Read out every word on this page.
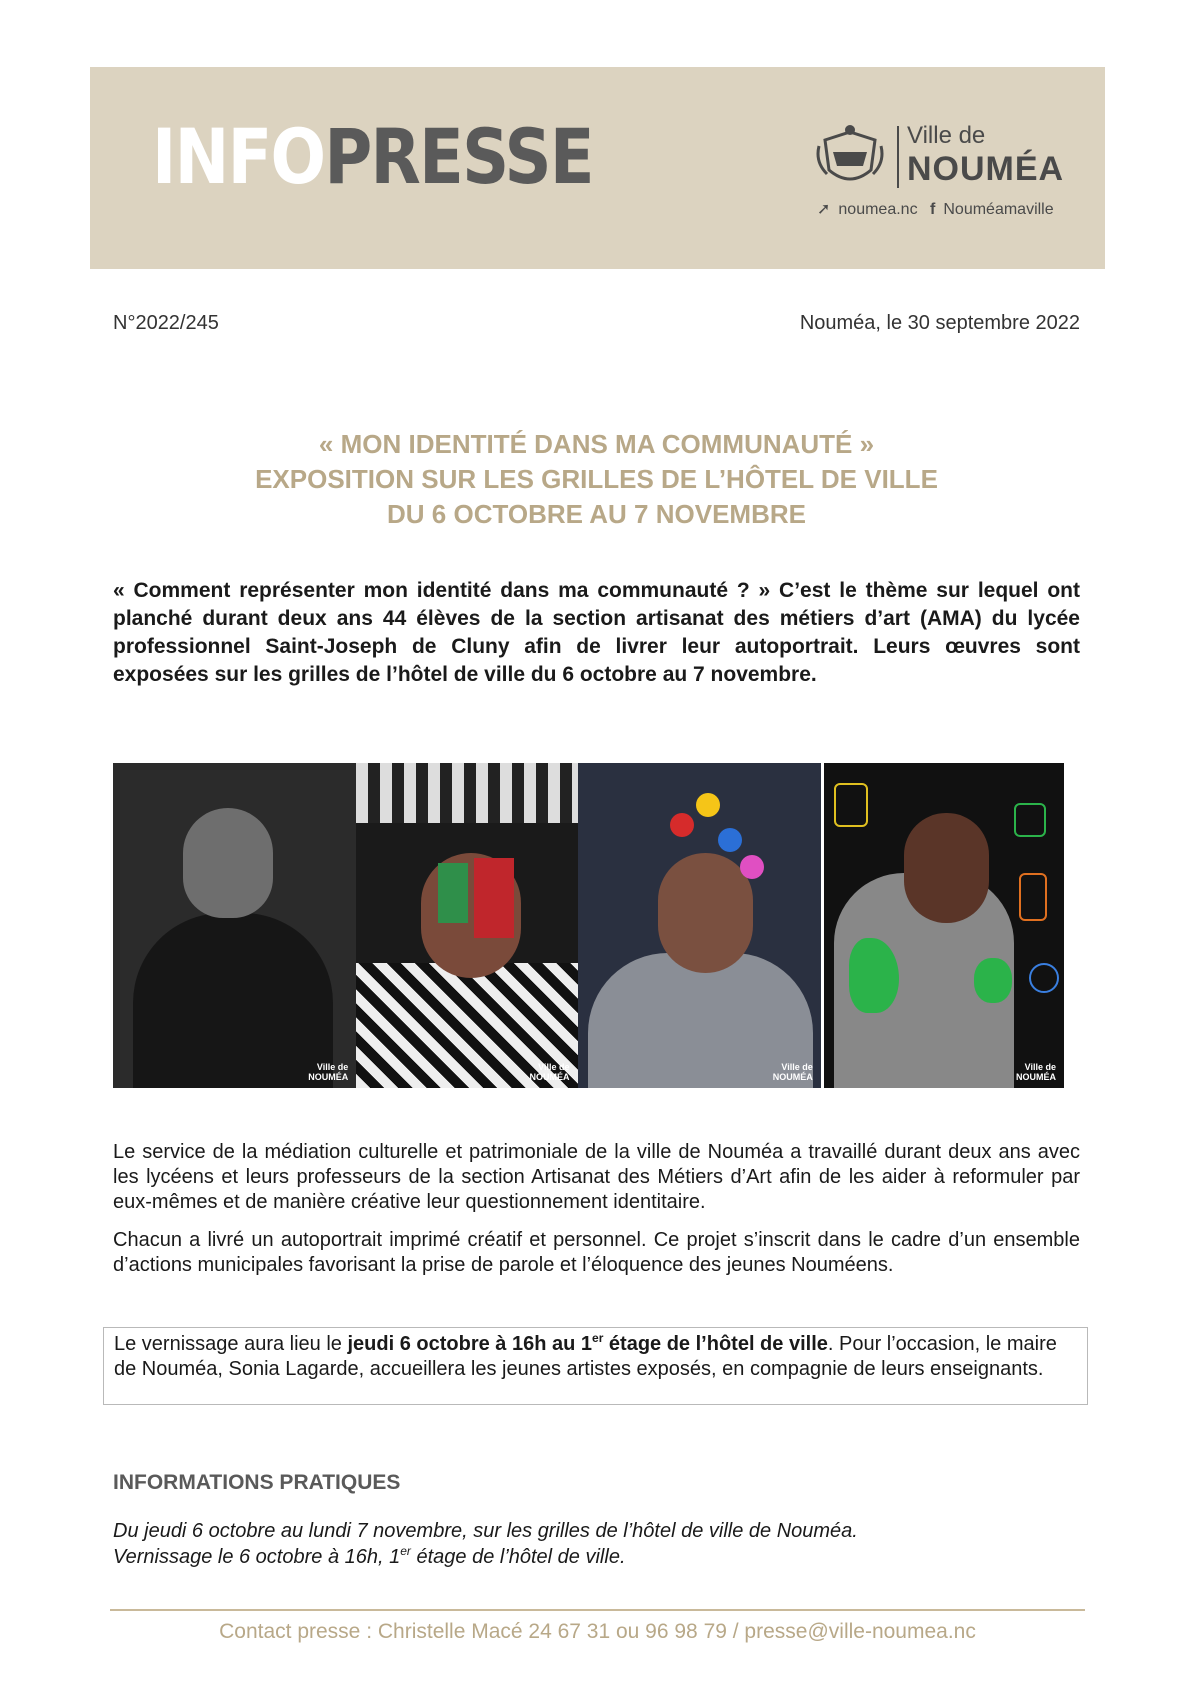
INFOPRESSE	Ville de
NOUMÉA
➚ noumea.nc f Nouméamaville
N°2022/245	Nouméa, le 30 septembre 2022
« MON IDENTITÉ DANS MA COMMUNAUTÉ »
EXPOSITION SUR LES GRILLES DE L’HÔTEL DE VILLE
DU 6 OCTOBRE AU 7 NOVEMBRE
« Comment représenter mon identité dans ma communauté ? » C’est le thème sur lequel ont planché durant deux ans 44 élèves de la section artisanat des métiers d’art (AMA) du lycée professionnel Saint-Joseph de Cluny afin de livrer leur autoportrait. Leurs œuvres sont exposées sur les grilles de l’hôtel de ville du 6 octobre au 7 novembre.
Ville de
NOUMÉA
Ville de
NOUMÉA
Ville de
NOUMÉA
Ville de
NOUMÉA
Le service de la médiation culturelle et patrimoniale de la ville de Nouméa a travaillé durant deux ans avec les lycéens et leurs professeurs de la section Artisanat des Métiers d’Art afin de les aider à reformuler par eux-mêmes et de manière créative leur questionnement identitaire.
Chacun a livré un autoportrait imprimé créatif et personnel. Ce projet s’inscrit dans le cadre d’un ensemble d’actions municipales favorisant la prise de parole et l’éloquence des jeunes Nouméens.
Le vernissage aura lieu le jeudi 6 octobre à 16h au 1er étage de l’hôtel de ville. Pour l’occasion, le maire de Nouméa, Sonia Lagarde, accueillera les jeunes artistes exposés, en compagnie de leurs enseignants.
INFORMATIONS PRATIQUES
Du jeudi 6 octobre au lundi 7 novembre, sur les grilles de l’hôtel de ville de Nouméa.
Vernissage le 6 octobre à 16h, 1er étage de l’hôtel de ville.
Contact presse : Christelle Macé 24 67 31 ou 96 98 79 / presse@ville-noumea.nc
